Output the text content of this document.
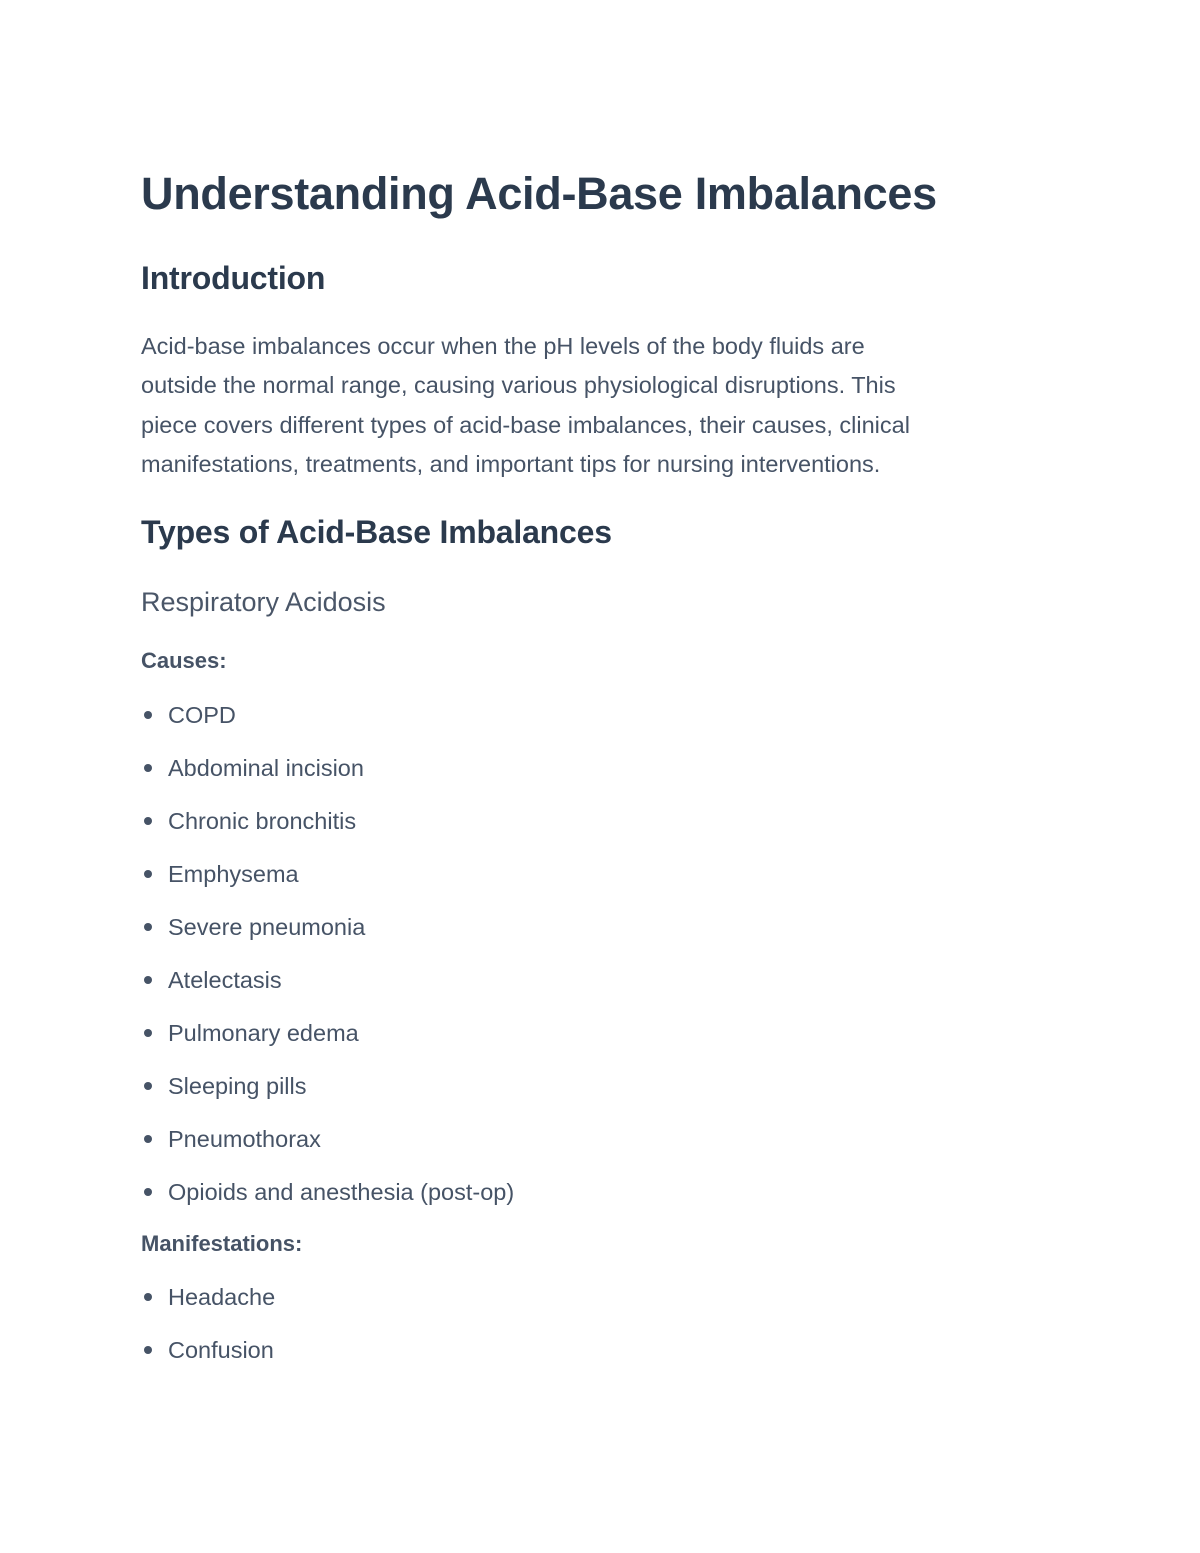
Understanding Acid-Base Imbalances
Introduction
Acid-base imbalances occur when the pH levels of the body fluids are
outside the normal range, causing various physiological disruptions. This
piece covers different types of acid-base imbalances, their causes, clinical
manifestations, treatments, and important tips for nursing interventions.
Types of Acid-Base Imbalances
Respiratory Acidosis
Causes:
COPD
Abdominal incision
Chronic bronchitis
Emphysema
Severe pneumonia
Atelectasis
Pulmonary edema
Sleeping pills
Pneumothorax
Opioids and anesthesia (post-op)
Manifestations:
Headache
Confusion
